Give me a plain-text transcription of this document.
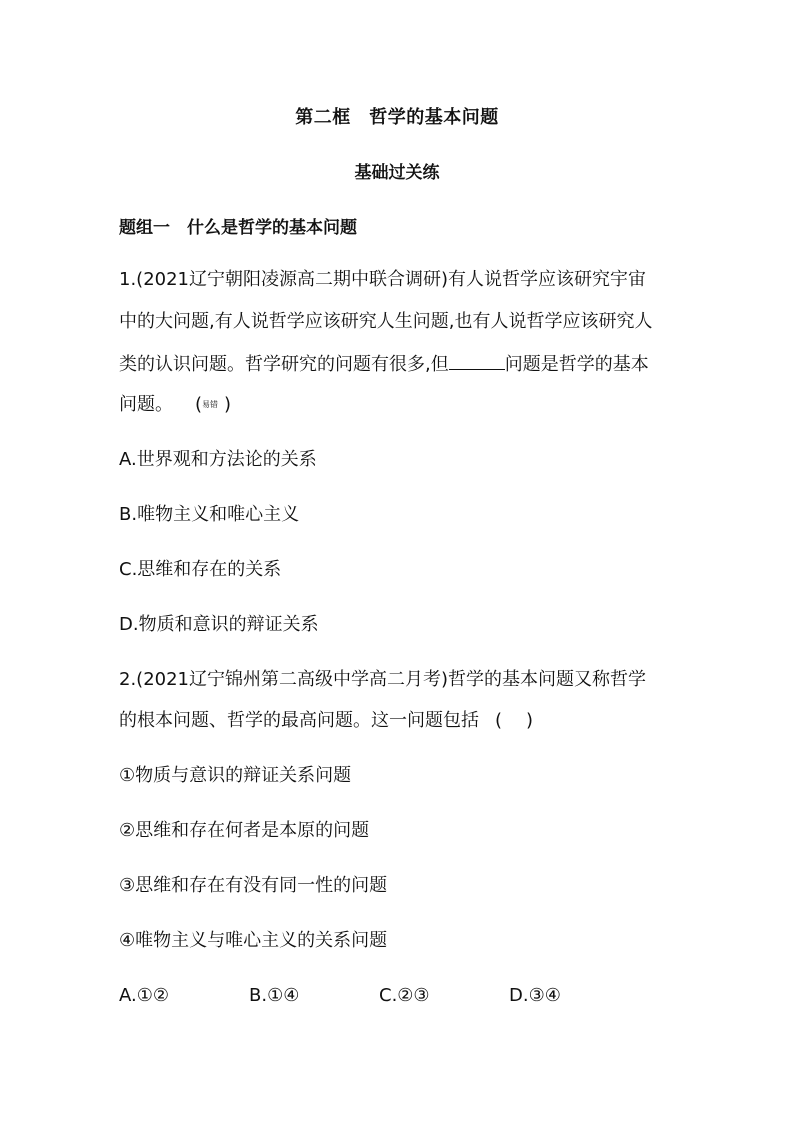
第二框　哲学的基本问题
基础过关练
题组一　什么是哲学的基本问题
1.(2021辽宁朝阳凌源高二期中联合调研)有人说哲学应该研究宇宙
中的大问题,有人说哲学应该研究人生问题,也有人说哲学应该研究人
类的认识问题。哲学研究的问题有很多,但	问题是哲学的基本
问题。 (易错 )
A.世界观和方法论的关系
B.唯物主义和唯心主义
C.思维和存在的关系
D.物质和意识的辩证关系
2.(2021辽宁锦州第二高级中学高二月考)哲学的基本问题又称哲学
的根本问题、哲学的最高问题。这一问题包括 ( )
①物质与意识的辩证关系问题
②思维和存在何者是本原的问题
③思维和存在有没有同一性的问题
④唯物主义与唯心主义的关系问题
A.①②	B.①④	C.②③	D.③④
